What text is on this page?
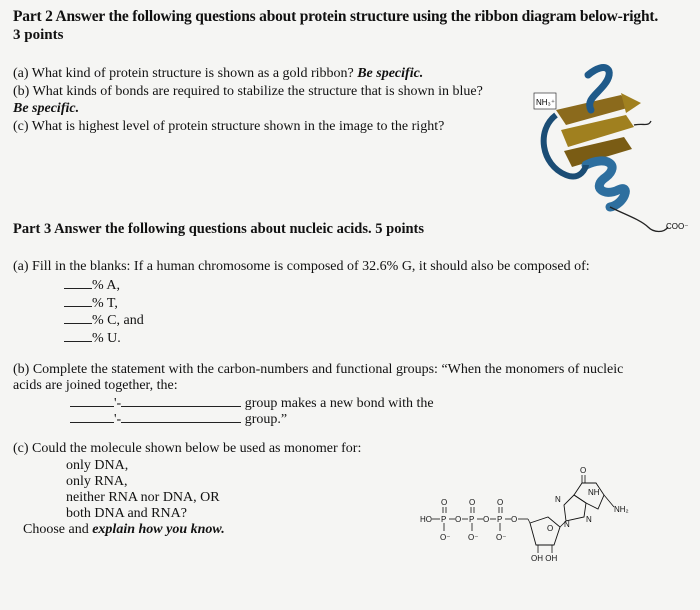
Part 2 Answer the following questions about protein structure using the ribbon diagram below-right.
3 points
(a) What kind of protein structure is shown as a gold ribbon? Be specific.
(b) What kinds of bonds are required to stabilize the structure that is shown in blue?
Be specific.
(c) What is highest level of protein structure shown in the image to the right?
NH₃⁺
COO⁻
Part 3 Answer the following questions about nucleic acids. 5 points
(a) Fill in the blanks: If a human chromosome is composed of 32.6% G, it should also be composed of:
% A,
% T,
% C, and
% U.
(b) Complete the statement with the carbon-numbers and functional groups: “When the monomers of nucleic
acids are joined together, the:
'-	group makes a new bond with the
'-	group.”
(c) Could the molecule shown below be used as monomer for:
only DNA,
only RNA,
neither RNA nor DNA, OR
both DNA and RNA?
Choose and explain how you know.
HO P O P O P O
O	O	O
O⁻ O⁻ O⁻
O
OH OH
N
N
N
NH
O
NH₂
